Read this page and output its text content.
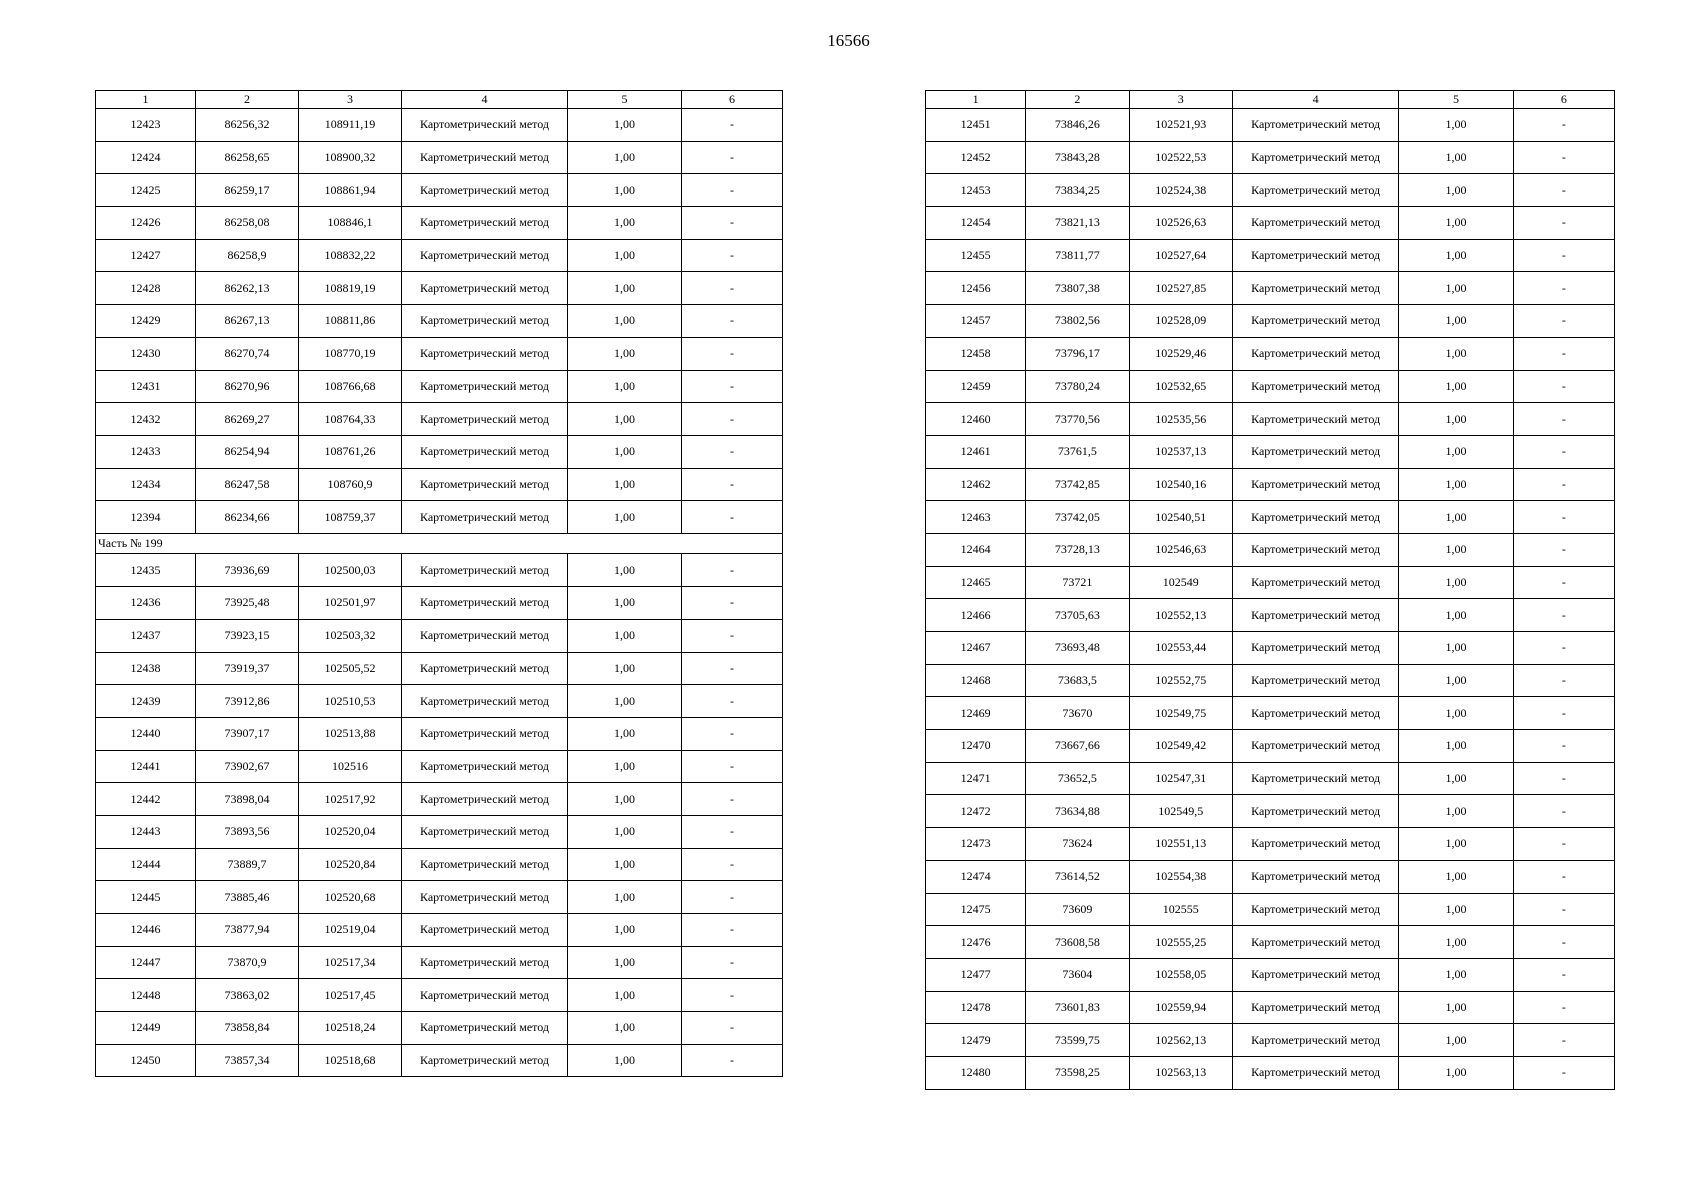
16566
1	2	3	4	5	6
12423	86256,32	108911,19	Картометрический метод	1,00	-
12424	86258,65	108900,32	Картометрический метод	1,00	-
12425	86259,17	108861,94	Картометрический метод	1,00	-
12426	86258,08	108846,1	Картометрический метод	1,00	-
12427	86258,9	108832,22	Картометрический метод	1,00	-
12428	86262,13	108819,19	Картометрический метод	1,00	-
12429	86267,13	108811,86	Картометрический метод	1,00	-
12430	86270,74	108770,19	Картометрический метод	1,00	-
12431	86270,96	108766,68	Картометрический метод	1,00	-
12432	86269,27	108764,33	Картометрический метод	1,00	-
12433	86254,94	108761,26	Картометрический метод	1,00	-
12434	86247,58	108760,9	Картометрический метод	1,00	-
12394	86234,66	108759,37	Картометрический метод	1,00	-
Часть № 199					
12435	73936,69	102500,03	Картометрический метод	1,00	-
12436	73925,48	102501,97	Картометрический метод	1,00	-
12437	73923,15	102503,32	Картометрический метод	1,00	-
12438	73919,37	102505,52	Картометрический метод	1,00	-
12439	73912,86	102510,53	Картометрический метод	1,00	-
12440	73907,17	102513,88	Картометрический метод	1,00	-
12441	73902,67	102516	Картометрический метод	1,00	-
12442	73898,04	102517,92	Картометрический метод	1,00	-
12443	73893,56	102520,04	Картометрический метод	1,00	-
12444	73889,7	102520,84	Картометрический метод	1,00	-
12445	73885,46	102520,68	Картометрический метод	1,00	-
12446	73877,94	102519,04	Картометрический метод	1,00	-
12447	73870,9	102517,34	Картометрический метод	1,00	-
12448	73863,02	102517,45	Картометрический метод	1,00	-
12449	73858,84	102518,24	Картометрический метод	1,00	-
12450	73857,34	102518,68	Картометрический метод	1,00	-
1	2	3	4	5	6
12451	73846,26	102521,93	Картометрический метод	1,00	-
12452	73843,28	102522,53	Картометрический метод	1,00	-
12453	73834,25	102524,38	Картометрический метод	1,00	-
12454	73821,13	102526,63	Картометрический метод	1,00	-
12455	73811,77	102527,64	Картометрический метод	1,00	-
12456	73807,38	102527,85	Картометрический метод	1,00	-
12457	73802,56	102528,09	Картометрический метод	1,00	-
12458	73796,17	102529,46	Картометрический метод	1,00	-
12459	73780,24	102532,65	Картометрический метод	1,00	-
12460	73770,56	102535,56	Картометрический метод	1,00	-
12461	73761,5	102537,13	Картометрический метод	1,00	-
12462	73742,85	102540,16	Картометрический метод	1,00	-
12463	73742,05	102540,51	Картометрический метод	1,00	-
12464	73728,13	102546,63	Картометрический метод	1,00	-
12465	73721	102549	Картометрический метод	1,00	-
12466	73705,63	102552,13	Картометрический метод	1,00	-
12467	73693,48	102553,44	Картометрический метод	1,00	-
12468	73683,5	102552,75	Картометрический метод	1,00	-
12469	73670	102549,75	Картометрический метод	1,00	-
12470	73667,66	102549,42	Картометрический метод	1,00	-
12471	73652,5	102547,31	Картометрический метод	1,00	-
12472	73634,88	102549,5	Картометрический метод	1,00	-
12473	73624	102551,13	Картометрический метод	1,00	-
12474	73614,52	102554,38	Картометрический метод	1,00	-
12475	73609	102555	Картометрический метод	1,00	-
12476	73608,58	102555,25	Картометрический метод	1,00	-
12477	73604	102558,05	Картометрический метод	1,00	-
12478	73601,83	102559,94	Картометрический метод	1,00	-
12479	73599,75	102562,13	Картометрический метод	1,00	-
12480	73598,25	102563,13	Картометрический метод	1,00	-
